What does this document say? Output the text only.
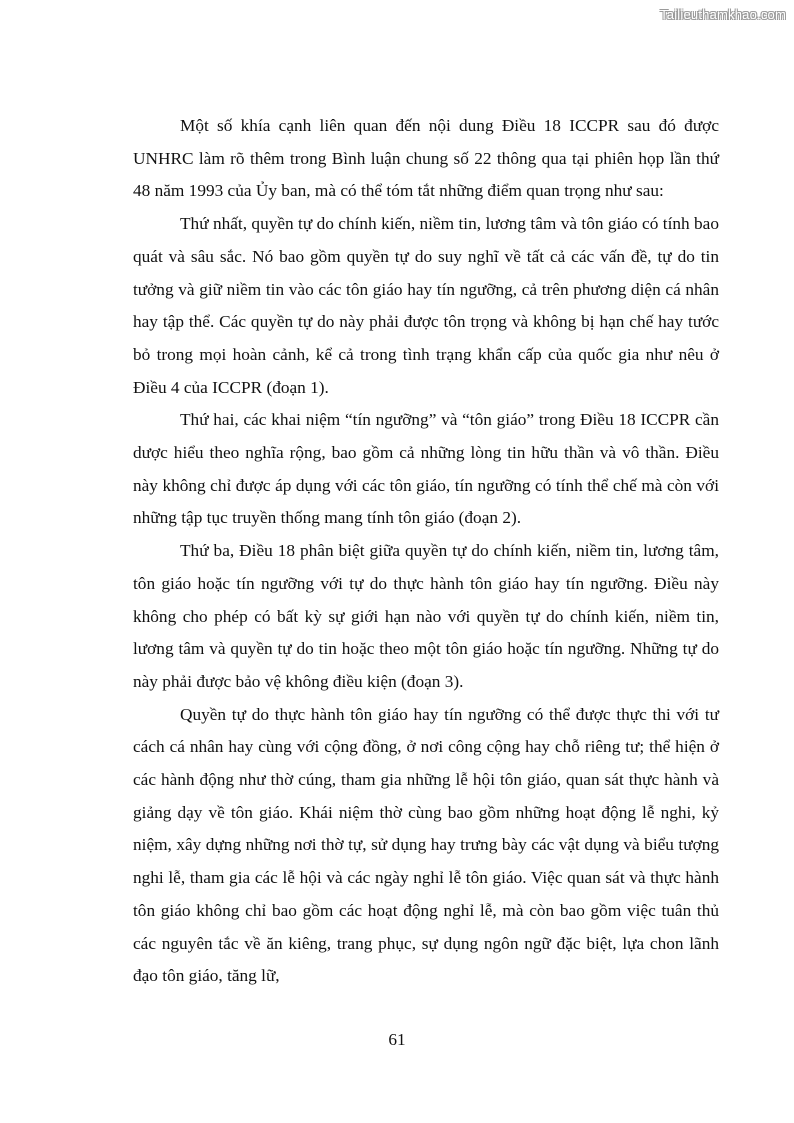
Tailieuthamkhao.com

Một số khía cạnh liên quan đến nội dung Điều 18 ICCPR sau đó được UNHRC làm rõ thêm trong Bình luận chung số 22 thông qua tại phiên họp lần thứ 48 năm 1993 của Ủy ban, mà có thể tóm tắt những điểm quan trọng như sau:

Thứ nhất, quyền tự do chính kiến, niềm tin, lương tâm và tôn giáo có tính bao quát và sâu sắc. Nó bao gồm quyền tự do suy nghĩ về tất cả các vấn đề, tự do tin tưởng và giữ niềm tin vào các tôn giáo hay tín ngưỡng, cả trên phương diện cá nhân hay tập thể. Các quyền tự do này phải được tôn trọng và không bị hạn chế hay tước bỏ trong mọi hoàn cảnh, kể cả trong tình trạng khẩn cấp của quốc gia như nêu ở Điều 4 của ICCPR (đoạn 1).

Thứ hai, các khai niệm “tín ngưỡng” và “tôn giáo” trong Điều 18 ICCPR cần dược hiểu theo nghĩa rộng, bao gồm cả những lòng tin hữu thần và vô thần. Điều này không chỉ được áp dụng với các tôn giáo, tín ngưỡng có tính thể chế mà còn với những tập tục truyền thống mang tính tôn giáo (đoạn 2).

Thứ ba, Điều 18 phân biệt giữa quyền tự do chính kiến, niềm tin, lương tâm, tôn giáo hoặc tín ngưỡng với tự do thực hành tôn giáo hay tín ngưỡng. Điều này không cho phép có bất kỳ sự giới hạn nào với quyền tự do chính kiến, niềm tin, lương tâm và quyền tự do tin hoặc theo một tôn giáo hoặc tín ngưỡng. Những tự do này phải được bảo vệ không điều kiện (đoạn 3).

Quyền tự do thực hành tôn giáo hay tín ngưỡng có thể được thực thi với tư cách cá nhân hay cùng với cộng đồng, ở nơi công cộng hay chỗ riêng tư; thể hiện ở các hành động như thờ cúng, tham gia những lễ hội tôn giáo, quan sát thực hành và giảng dạy về tôn giáo. Khái niệm thờ cùng bao gồm những hoạt động lễ nghi, kỷ niệm, xây dựng những nơi thờ tự, sử dụng hay trưng bày các vật dụng và biểu tượng nghi lễ, tham gia các lễ hội và các ngày nghỉ lễ tôn giáo. Việc quan sát và thực hành tôn giáo không chỉ bao gồm các hoạt động nghỉ lễ, mà còn bao gồm việc tuân thủ các nguyên tắc về ăn kiêng, trang phục, sự dụng ngôn ngữ đặc biệt, lựa chon lãnh đạo tôn giáo, tăng lữ,

61
